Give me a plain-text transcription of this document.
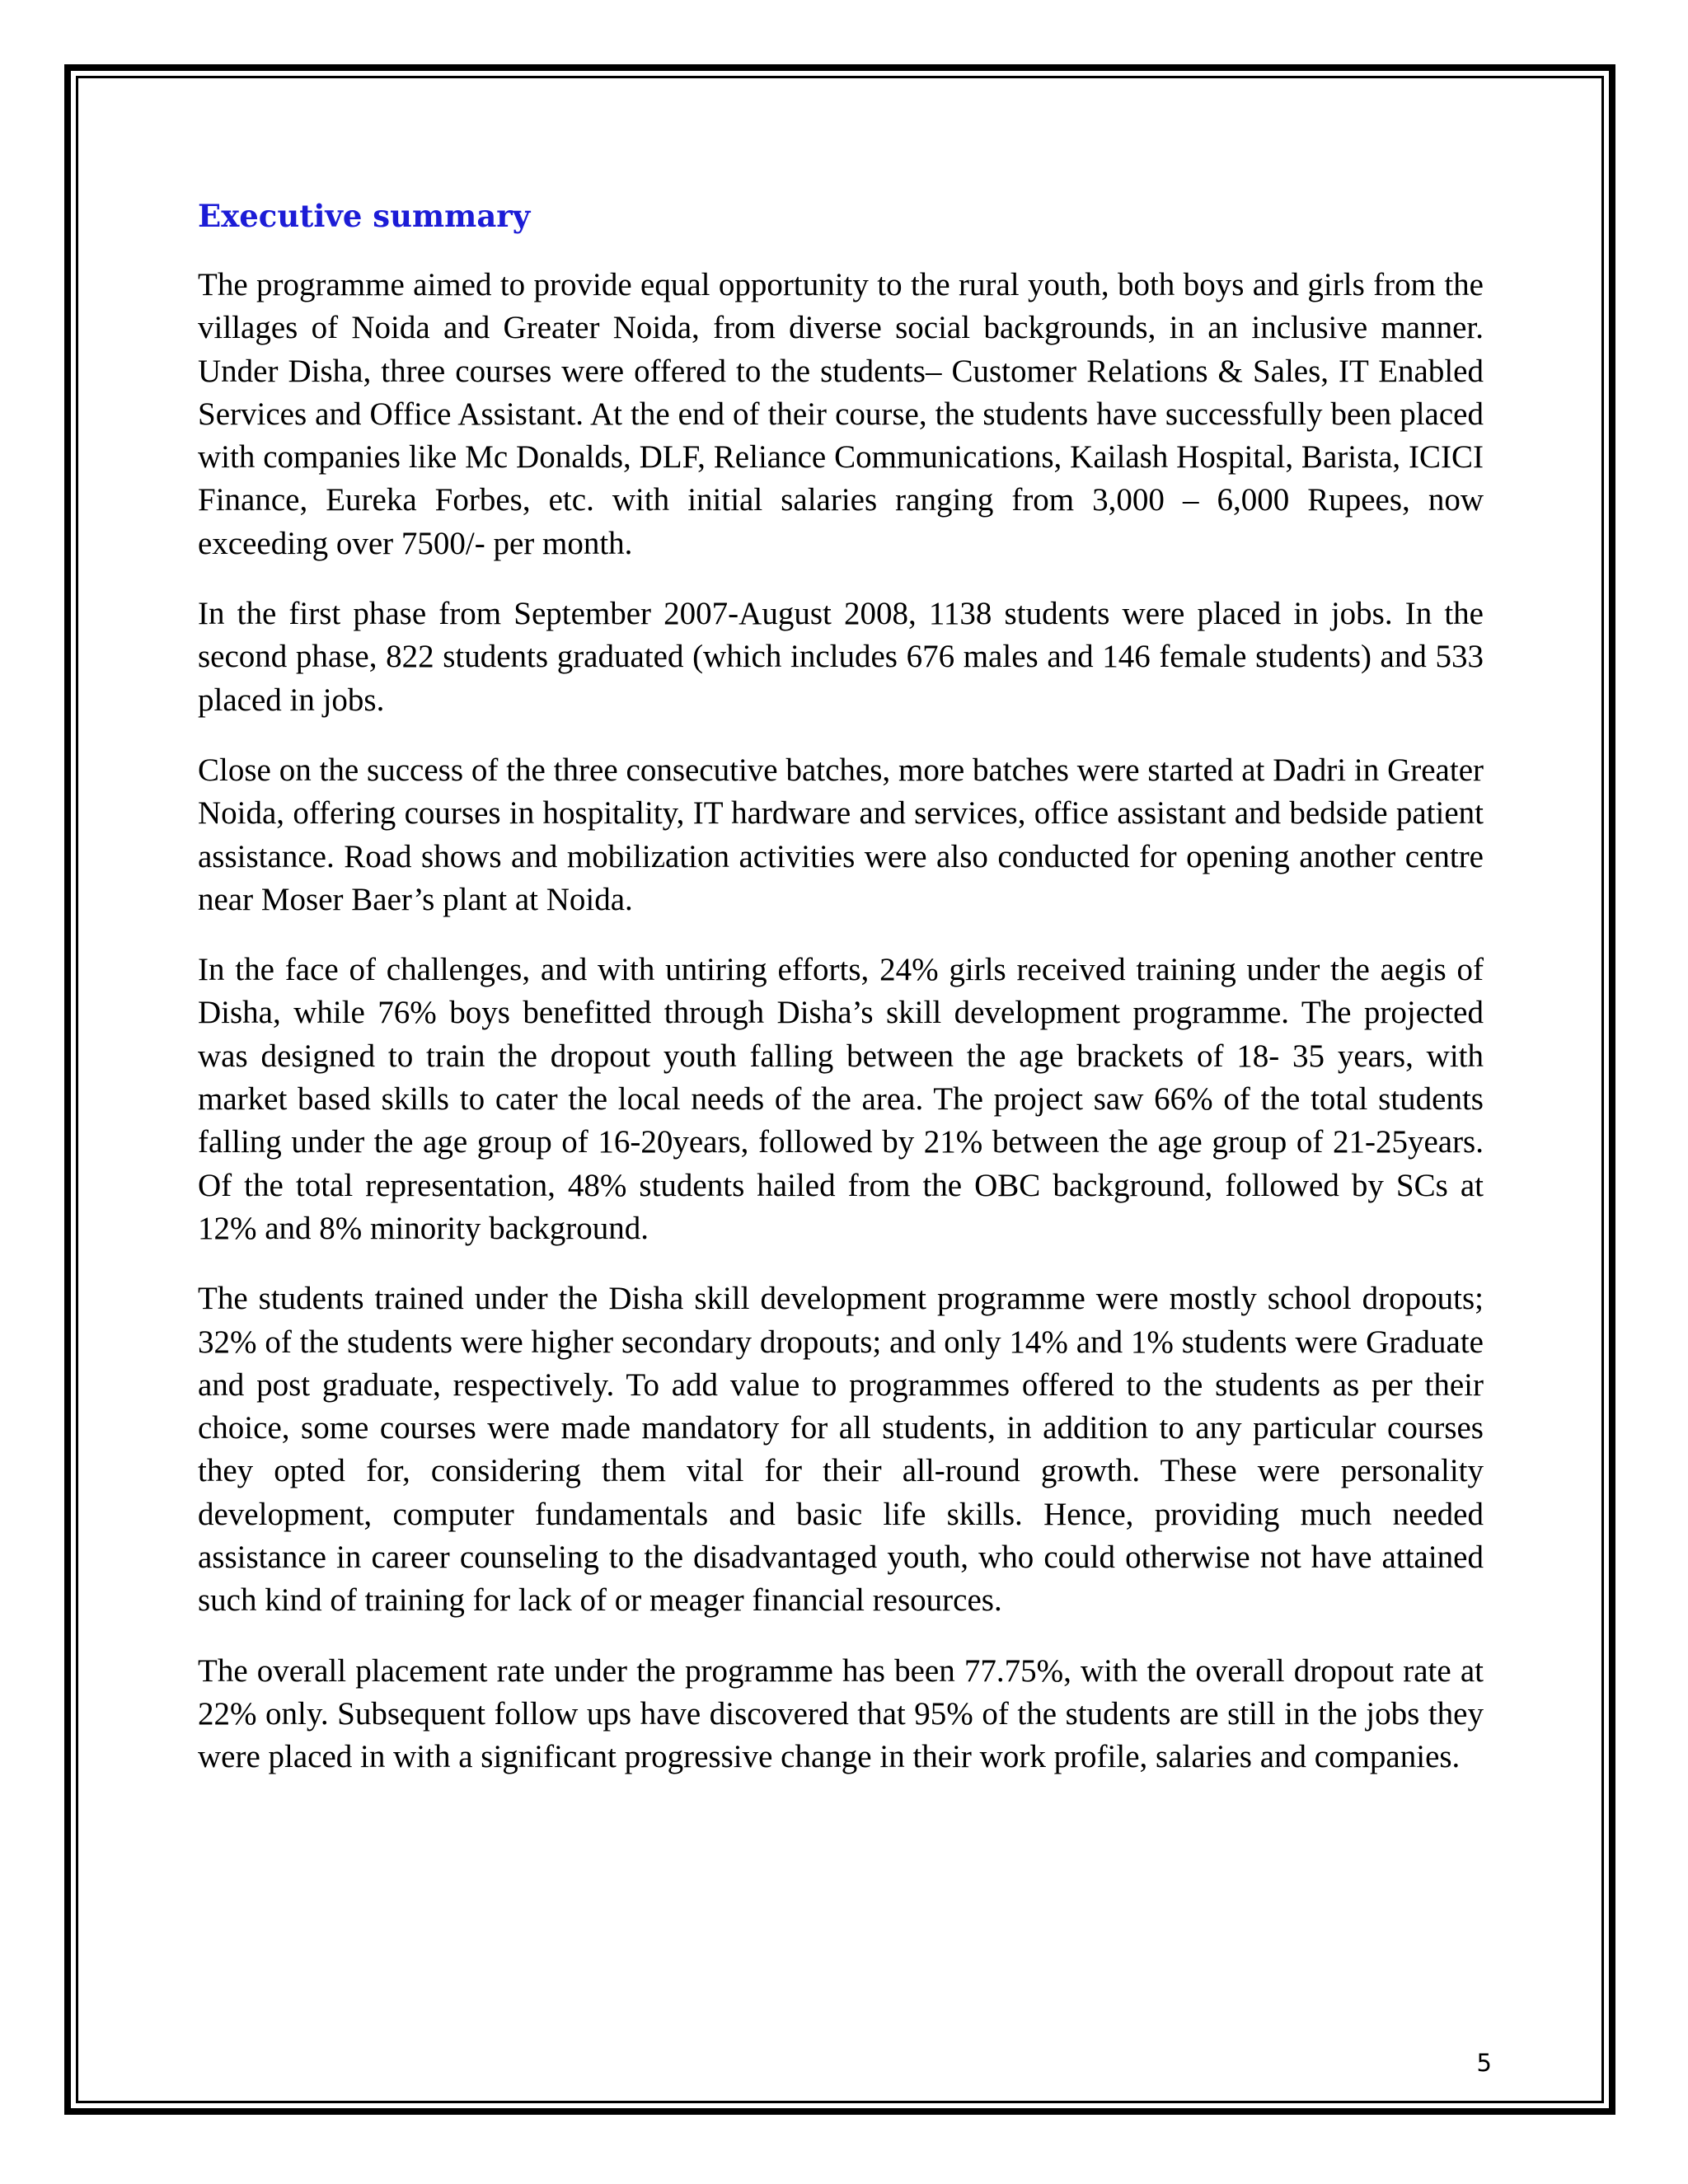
Executive summary

The programme aimed to provide equal opportunity to the rural youth, both boys and girls from the villages of Noida and Greater Noida, from diverse social backgrounds, in an inclusive manner. Under Disha, three courses were offered to the students– Customer Relations & Sales, IT Enabled Services and Office Assistant. At the end of their course, the students have successfully been placed with companies like Mc Donalds, DLF, Reliance Communications, Kailash Hospital, Barista, ICICI Finance, Eureka Forbes, etc. with initial salaries ranging from 3,000 – 6,000 Rupees, now exceeding over 7500/- per month.

In the first phase from September 2007-August 2008, 1138 students were placed in jobs. In the second phase, 822 students graduated (which includes 676 males and 146 female students) and 533 placed in jobs.

Close on the success of the three consecutive batches, more batches were started at Dadri in Greater Noida, offering courses in hospitality, IT hardware and services, office assistant and bedside patient assistance. Road shows and mobilization activities were also conducted for opening another centre near Moser Baer’s plant at Noida.

In the face of challenges, and with untiring efforts, 24% girls received training under the aegis of Disha, while 76% boys benefitted through Disha’s skill development programme. The projected was designed to train the dropout youth falling between the age brackets of 18- 35 years, with market based skills to cater the local needs of the area. The project saw 66% of the total students falling under the age group of 16-20years, followed by 21% between the age group of 21-25years. Of the total representation, 48% students hailed from the OBC background, followed by SCs at 12% and 8% minority background.

The students trained under the Disha skill development programme were mostly school dropouts; 32% of the students were higher secondary dropouts; and only 14% and 1% students were Graduate and post graduate, respectively. To add value to programmes offered to the students as per their choice, some courses were made mandatory for all students, in addition to any particular courses they opted for, considering them vital for their all-round growth. These were personality development, computer fundamentals and basic life skills. Hence, providing much needed assistance in career counseling to the disadvantaged youth, who could otherwise not have attained such kind of training for lack of or meager financial resources.

The overall placement rate under the programme has been 77.75%, with the overall dropout rate at 22% only. Subsequent follow ups have discovered that 95% of the students are still in the jobs they were placed in with a significant progressive change in their work profile, salaries and companies.

5
